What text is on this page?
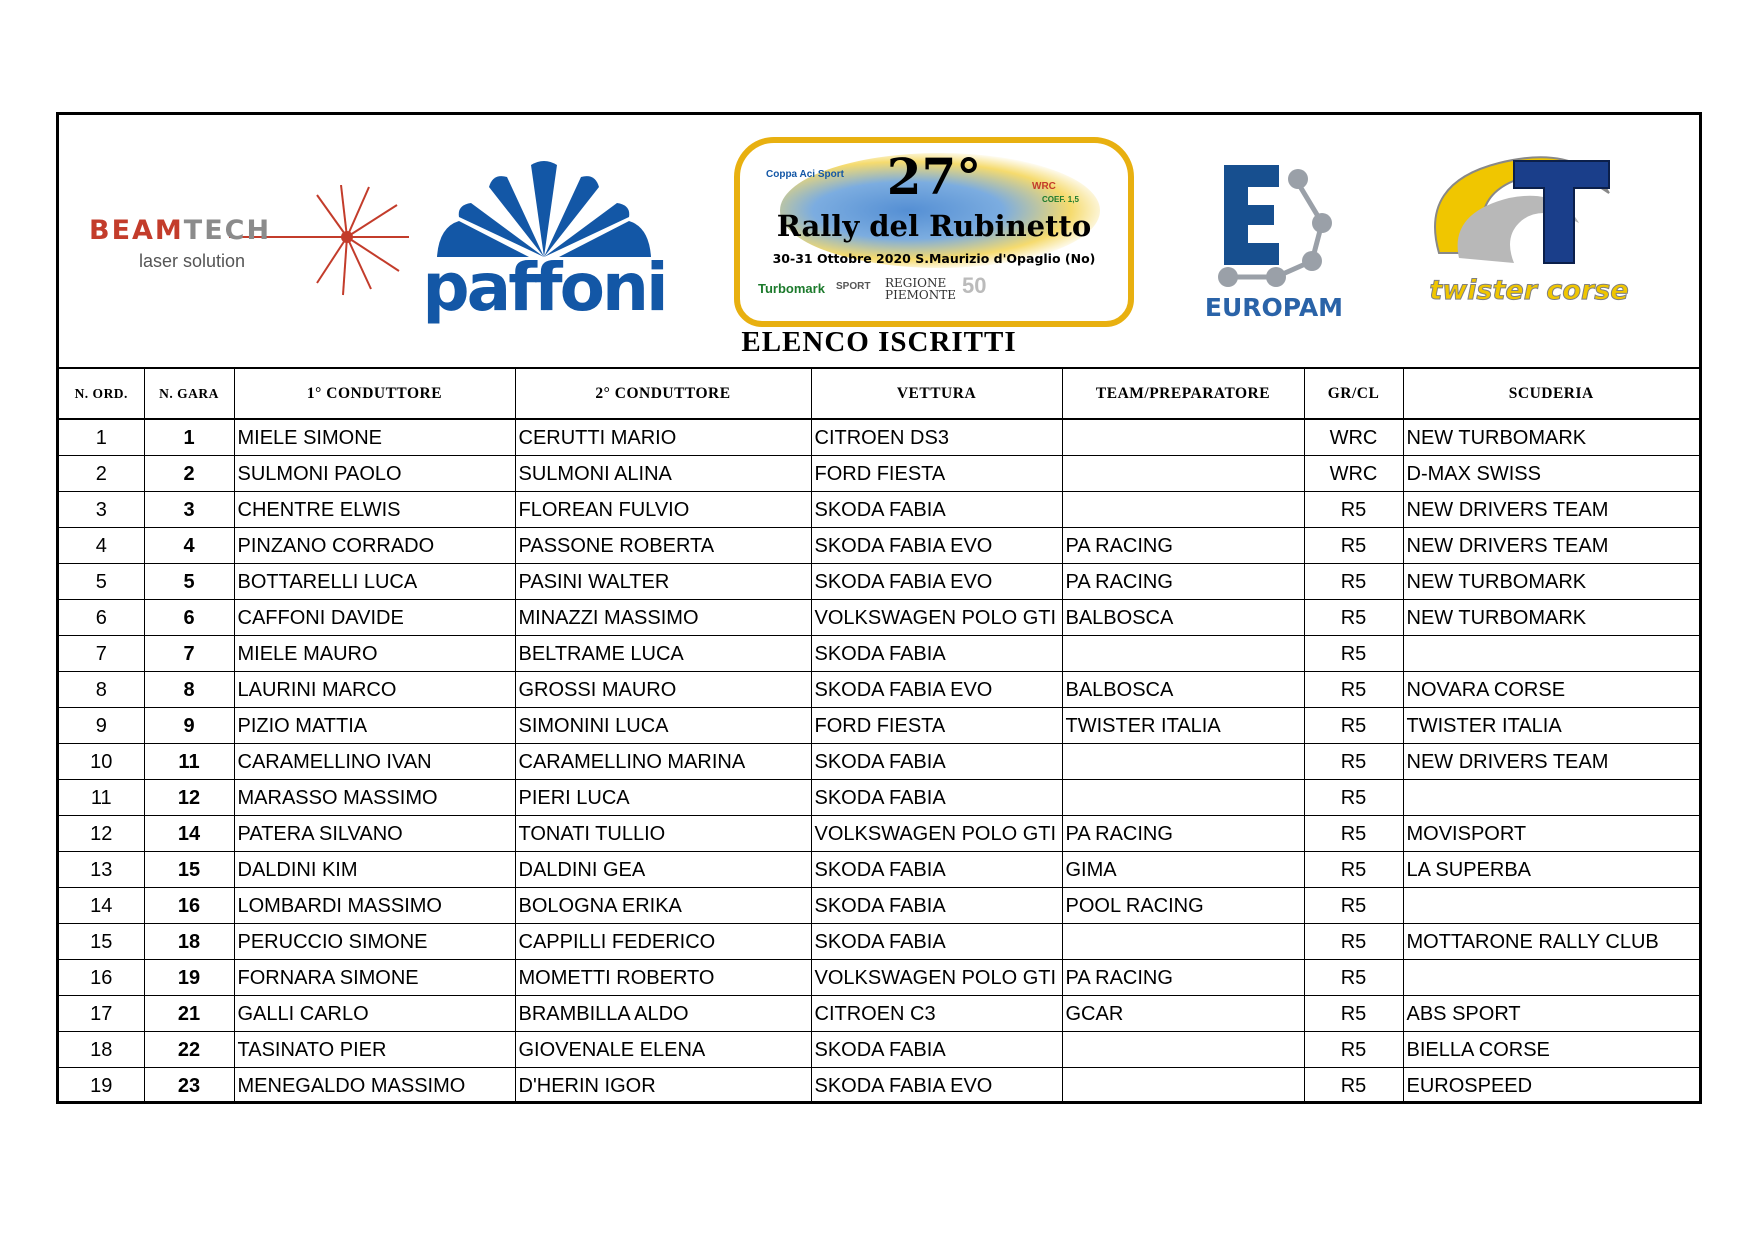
BEAMTECH
laser solution	paffoni
Coppa Aci Sport
WRC
COEF. 1,5
27°
Rally del Rubinetto
30-31 Ottobre 2020 S.Maurizio d'Opaglio (No)
Turbomark SPORT REGIONE
PIEMONTE 50
EUROPAM
twister corse
ELENCO ISCRITTI
N. ORD.	N. GARA	1° CONDUTTORE	2° CONDUTTORE	VETTURA	TEAM/PREPARATORE	GR/CL	SCUDERIA
1	1	MIELE SIMONE	CERUTTI MARIO	CITROEN DS3		WRC	NEW TURBOMARK
2	2	SULMONI PAOLO	SULMONI ALINA	FORD FIESTA		WRC	D-MAX SWISS
3	3	CHENTRE ELWIS	FLOREAN FULVIO	SKODA FABIA		R5	NEW DRIVERS TEAM
4	4	PINZANO CORRADO	PASSONE ROBERTA	SKODA FABIA EVO	PA RACING	R5	NEW DRIVERS TEAM
5	5	BOTTARELLI LUCA	PASINI WALTER	SKODA FABIA EVO	PA RACING	R5	NEW TURBOMARK
6	6	CAFFONI DAVIDE	MINAZZI MASSIMO	VOLKSWAGEN POLO GTI	BALBOSCA	R5	NEW TURBOMARK
7	7	MIELE MAURO	BELTRAME LUCA	SKODA FABIA		R5	
8	8	LAURINI MARCO	GROSSI MAURO	SKODA FABIA EVO	BALBOSCA	R5	NOVARA CORSE
9	9	PIZIO MATTIA	SIMONINI LUCA	FORD FIESTA	TWISTER ITALIA	R5	TWISTER ITALIA
10	11	CARAMELLINO IVAN	CARAMELLINO MARINA	SKODA FABIA		R5	NEW DRIVERS TEAM
11	12	MARASSO MASSIMO	PIERI LUCA	SKODA FABIA		R5	
12	14	PATERA SILVANO	TONATI TULLIO	VOLKSWAGEN POLO GTI	PA RACING	R5	MOVISPORT
13	15	DALDINI KIM	DALDINI GEA	SKODA FABIA	GIMA	R5	LA SUPERBA
14	16	LOMBARDI MASSIMO	BOLOGNA ERIKA	SKODA FABIA	POOL RACING	R5	
15	18	PERUCCIO SIMONE	CAPPILLI FEDERICO	SKODA FABIA		R5	MOTTARONE RALLY CLUB
16	19	FORNARA SIMONE	MOMETTI ROBERTO	VOLKSWAGEN POLO GTI	PA RACING	R5	
17	21	GALLI CARLO	BRAMBILLA ALDO	CITROEN C3	GCAR	R5	ABS SPORT
18	22	TASINATO PIER	GIOVENALE ELENA	SKODA FABIA		R5	BIELLA CORSE
19	23	MENEGALDO MASSIMO	D'HERIN IGOR	SKODA FABIA EVO		R5	EUROSPEED
